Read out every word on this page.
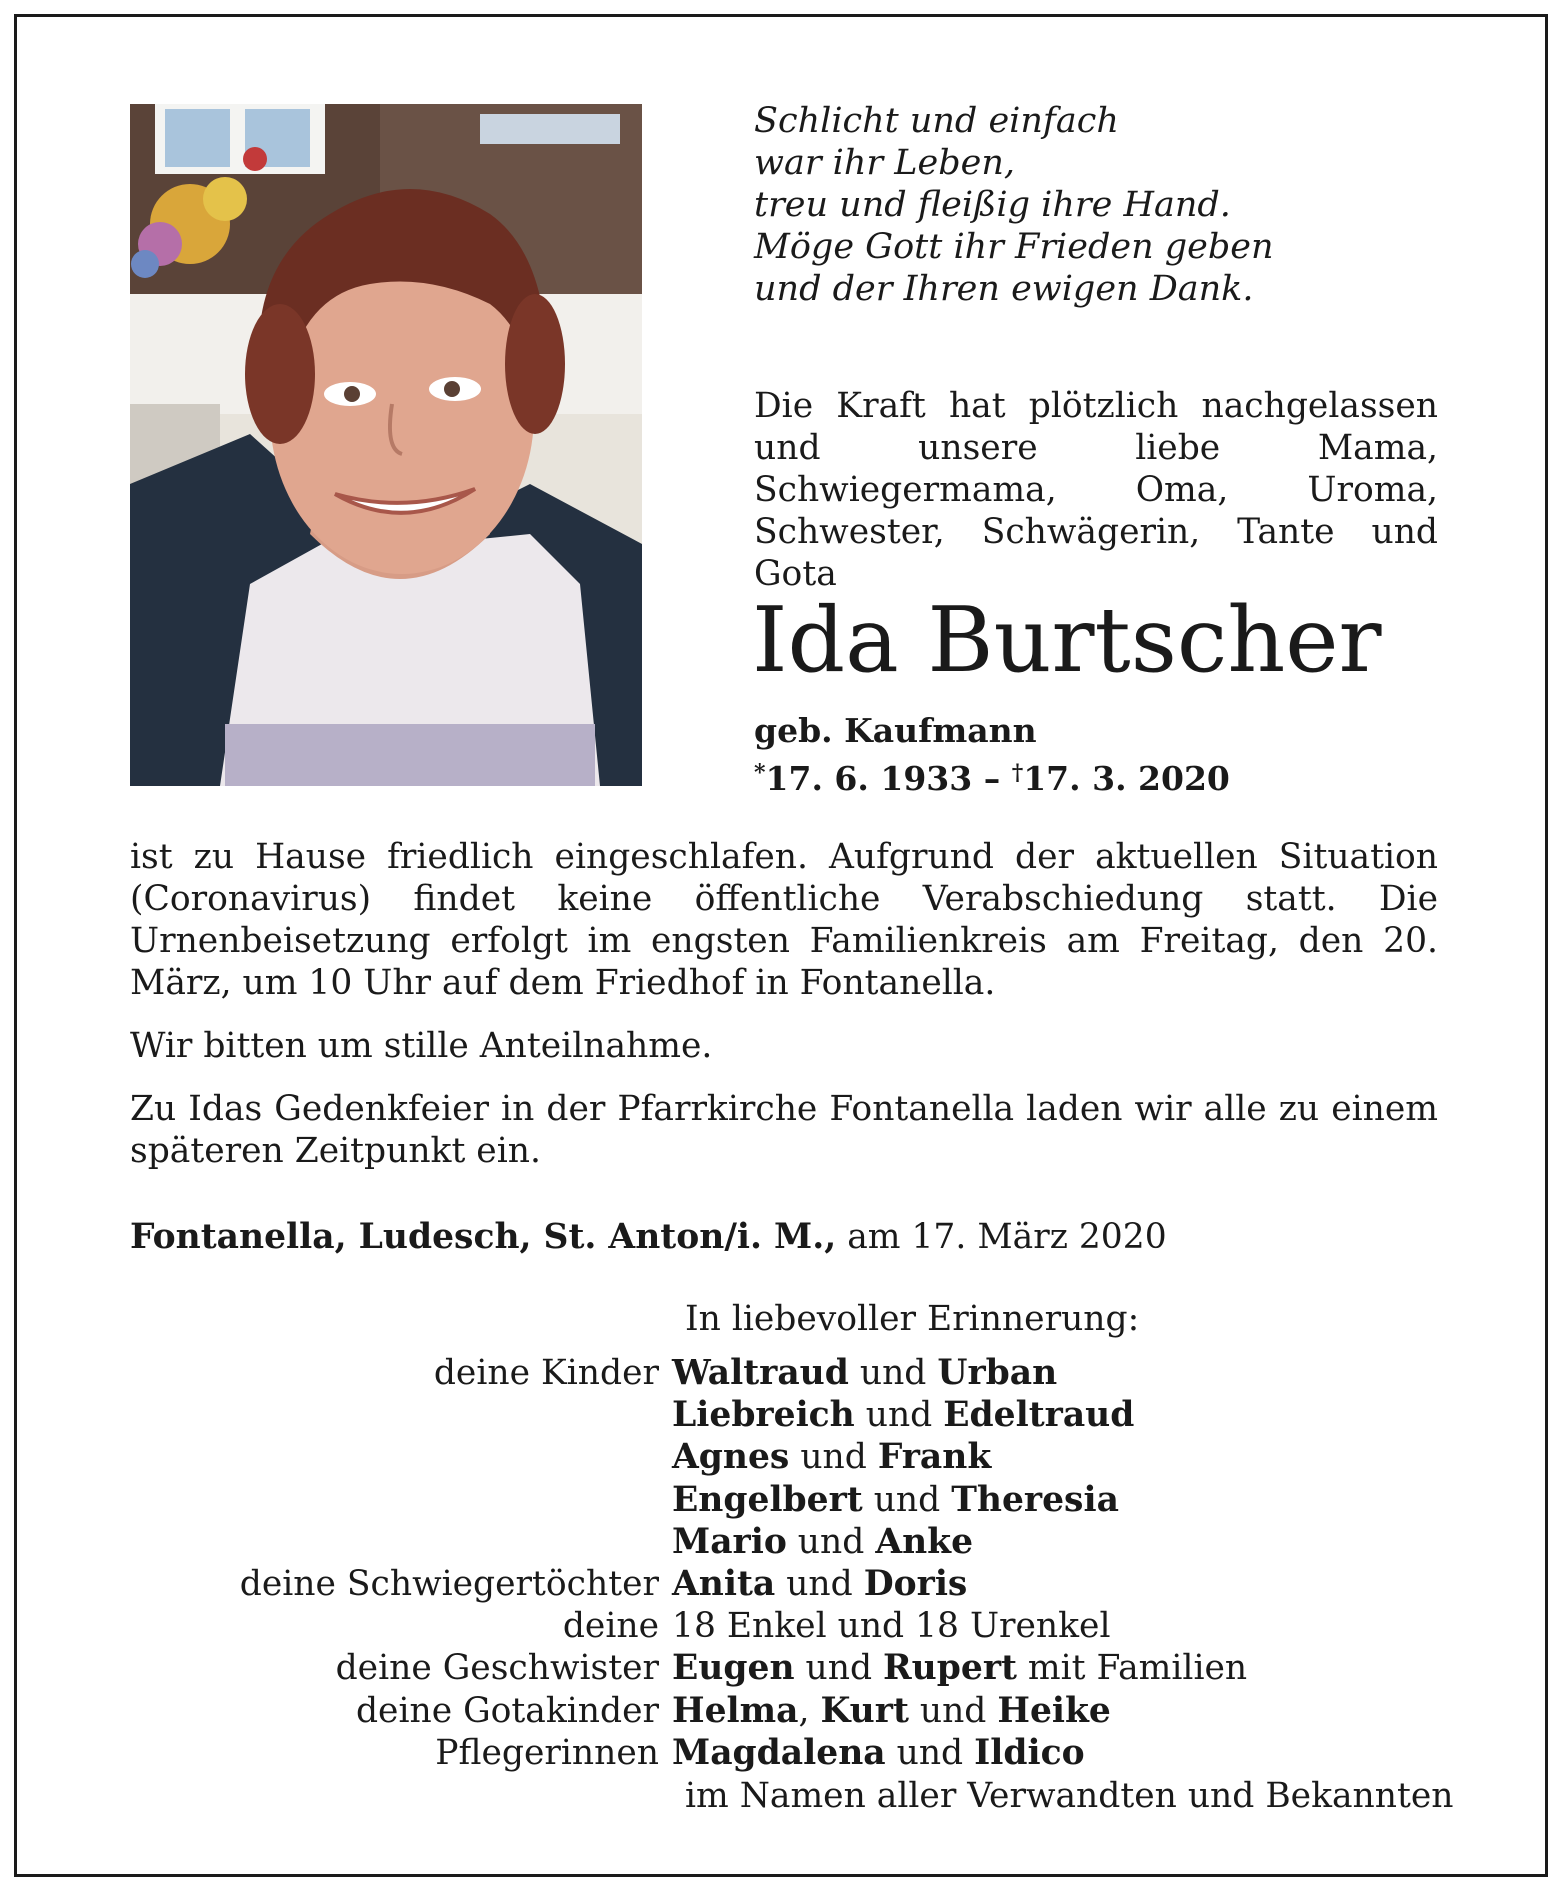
Schlicht und einfach
war ihr Leben,
treu und fleißig ihre Hand.
Möge Gott ihr Frieden geben
und der Ihren ewigen Dank.
Die Kraft hat plötzlich nachgelassen und unsere liebe Mama, Schwiegermama, Oma, Uroma, Schwester, Schwägerin, Tante und Gota
Ida Burtscher
geb. Kaufmann
*17. 6. 1933 – †17. 3. 2020
ist zu Hause friedlich eingeschlafen. Aufgrund der aktuellen Situation (Coronavirus) findet keine öffentliche Verabschiedung statt. Die Urnenbeisetzung erfolgt im engsten Familienkreis am Freitag, den 20. März, um 10 Uhr auf dem Friedhof in Fontanella.
Wir bitten um stille Anteilnahme.
Zu Idas Gedenkfeier in der Pfarrkirche Fontanella laden wir alle zu einem späteren Zeitpunkt ein.
Fontanella, Ludesch, St. Anton/i. M., am 17. März 2020
In liebevoller Erinnerung:
deine Kinder Waltraud und Urban
Liebreich und Edeltraud
Agnes und Frank
Engelbert und Theresia
Mario und Anke
deine Schwiegertöchter Anita und Doris
deine 18 Enkel und 18 Urenkel
deine Geschwister Eugen und Rupert mit Familien
deine Gotakinder Helma, Kurt und Heike
Pflegerinnen Magdalena und Ildico
im Namen aller Verwandten und Bekannten
